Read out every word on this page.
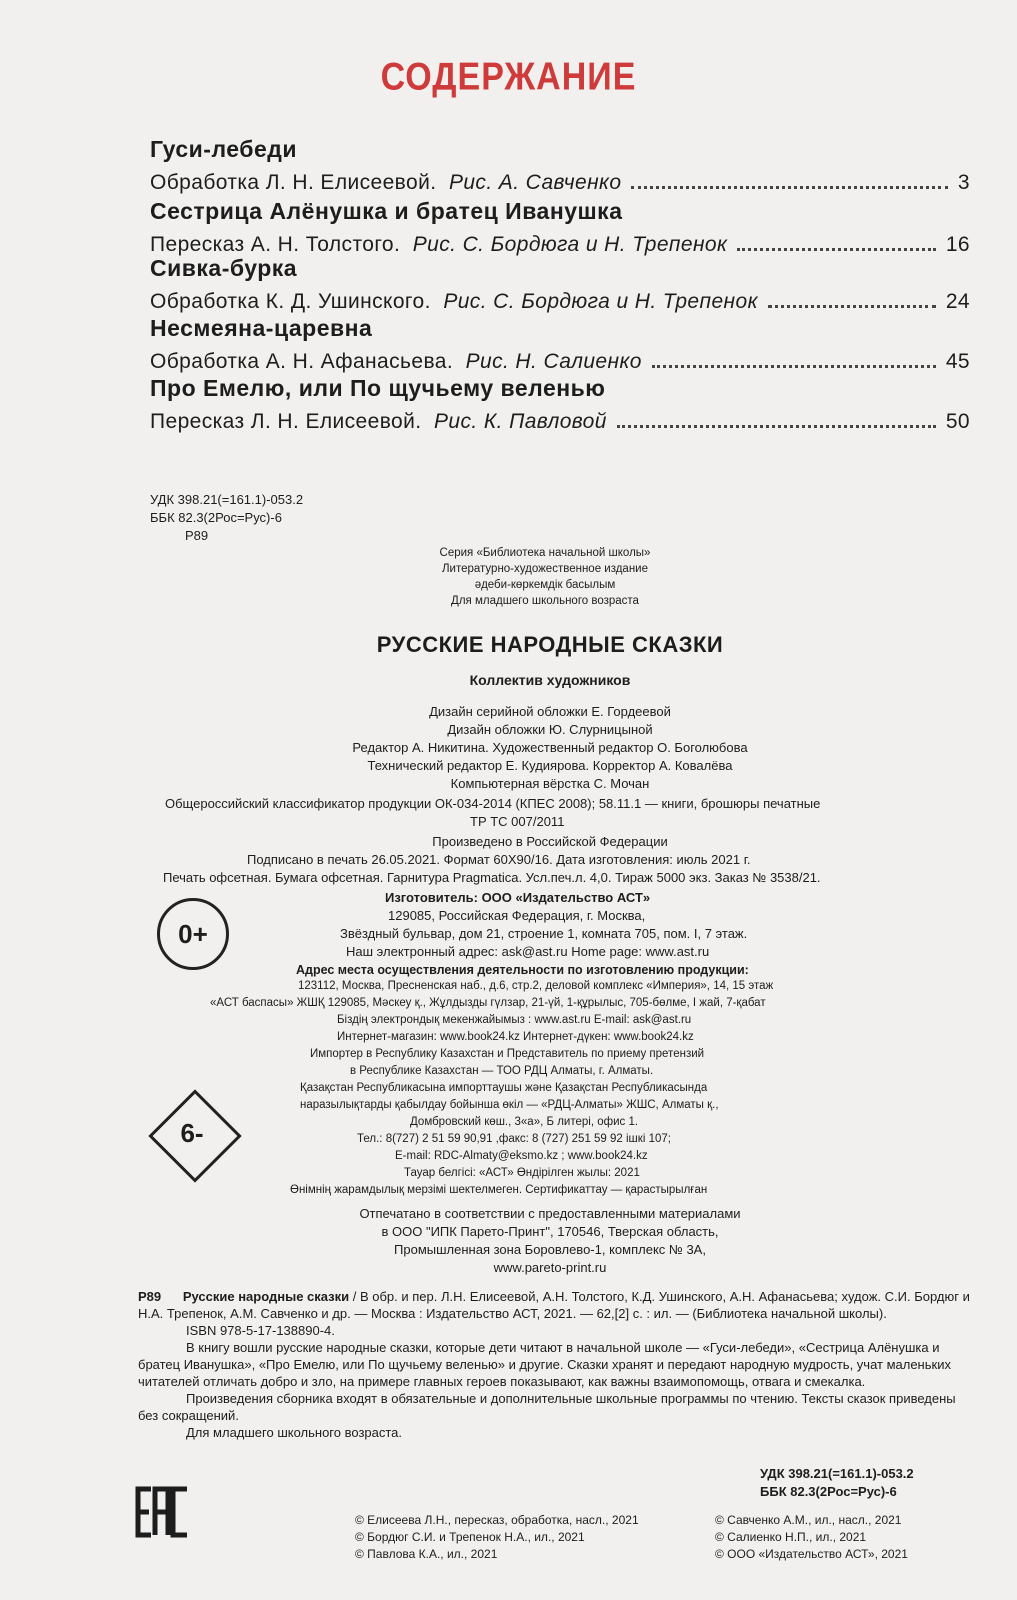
СОДЕРЖАНИЕ
Гуси-лебеди
Обработка Л. Н. Елисеевой.
Рис. А. Савченко	3
Сестрица Алёнушка и братец Иванушка
Пересказ А. Н. Толстого.
Рис. С. Бордюга и Н. Трепенок	16
Сивка-бурка
Обработка К. Д. Ушинского.
Рис. С. Бордюга и Н. Трепенок	24
Несмеяна-царевна
Обработка А. Н. Афанасьева.
Рис. Н. Салиенко	45
Про Емелю, или По щучьему веленью
Пересказ Л. Н. Елисеевой.
Рис. К. Павловой	50
УДК 398.21(=161.1)-053.2
ББК 82.3(2Рос=Рус)-6
Р89
Серия «Библиотека начальной школы»
Литературно-художественное издание
әдеби-көркемдік басылым
Для младшего школьного возраста
РУССКИЕ НАРОДНЫЕ СКАЗКИ
Коллектив художников
Дизайн серийной обложки Е. Гордеевой
Дизайн обложки Ю. Слурницыной
Редактор А. Никитина. Художественный редактор О. Боголюбова
Технический редактор Е. Кудиярова. Корректор А. Ковалёва
Компьютерная вёрстка С. Мочан
Общероссийский классификатор продукции ОК-034-2014 (КПЕС 2008); 58.11.1 — книги, брошюры печатные
ТР ТС 007/2011
Произведено в Российской Федерации
Подписано в печать 26.05.2021. Формат 60Х90/16. Дата изготовления: июль 2021 г.
Печать офсетная. Бумага офсетная. Гарнитура Pragmatica. Усл.печ.л. 4,0. Тираж 5000 экз. Заказ № 3538/21.
0+
Изготовитель: ООО «Издательство АСТ»
129085, Российская Федерация, г. Москва,
Звёздный бульвар, дом 21, строение 1, комната 705, пом. I, 7 этаж.
Наш электронный адрес: ask@ast.ru Home page: www.ast.ru
Адрес места осуществления деятельности по изготовлению продукции:
123112, Москва, Пресненская наб., д.6, стр.2, деловой комплекс «Империя», 14, 15 этаж
«АСТ баспасы» ЖШҚ 129085, Мәскеу қ., Жұлдызды гүлзар, 21-үй, 1-құрылыс, 705-бөлме, I жай, 7-қабат
Біздің электрондық мекенжайымыз : www.ast.ru E-mail: ask@ast.ru
Интернет-магазин: www.book24.kz Интернет-дүкен: www.book24.kz
Импортер в Республику Казахстан и Представитель по приему претензий
в Республике Казахстан — ТОО РДЦ Алматы, г. Алматы.
Қазақстан Республикасына импорттаушы және Қазақстан Республикасында
наразылықтарды қабылдау бойынша өкіл — «РДЦ-Алматы» ЖШС, Алматы қ.,
Домбровский көш., 3«а», Б литері, офис 1.
Тел.: 8(727) 2 51 59 90,91 ,факс: 8 (727) 251 59 92 ішкі 107;
E-mail: RDC-Almaty@eksmo.kz ; www.book24.kz
Тауар белгісі: «АСТ» Өндірілген жылы: 2021
Өнімнің жарамдылық мерзімі шектелмеген. Сертификаттау — қарастырылған
6-
Отпечатано в соответствии с предоставленными материалами
в ООО "ИПК Парето-Принт", 170546, Тверская область,
Промышленная зона Боровлево-1, комплекс № 3А,
www.pareto-print.ru
Р89 Русские народные сказки / В обр. и пер. Л.Н. Елисеевой, А.Н. Толстого, К.Д. Ушинского, А.Н. Афанасьева; худож. С.И. Бордюг и Н.А. Трепенок, А.М. Савченко и др. — Москва : Издательство АСТ, 2021. — 62,[2] с. : ил. — (Библиотека начальной школы).

ISBN 978-5-17-138890-4.

В книгу вошли русские народные сказки, которые дети читают в начальной школе — «Гуси-лебеди», «Сестрица Алёнушка и братец Иванушка», «Про Емелю, или По щучьему веленью» и другие. Сказки хранят и передают народную мудрость, учат маленьких читателей отличать добро и зло, на примере главных героев показывают, как важны взаимопомощь, отвага и смекалка.

Произведения сборника входят в обязательные и дополнительные школьные программы по чтению. Тексты сказок приведены без сокращений.

Для младшего школьного возраста.

УДК 398.21(=161.1)-053.2
ББК 82.3(2Рос=Рус)-6
© Елисеева Л.Н., пересказ, обработка, насл., 2021
© Бордюг С.И. и Трепенок Н.А., ил., 2021
© Павлова К.А., ил., 2021
© Савченко А.М., ил., насл., 2021
© Салиенко Н.П., ил., 2021
© ООО «Издательство АСТ», 2021
